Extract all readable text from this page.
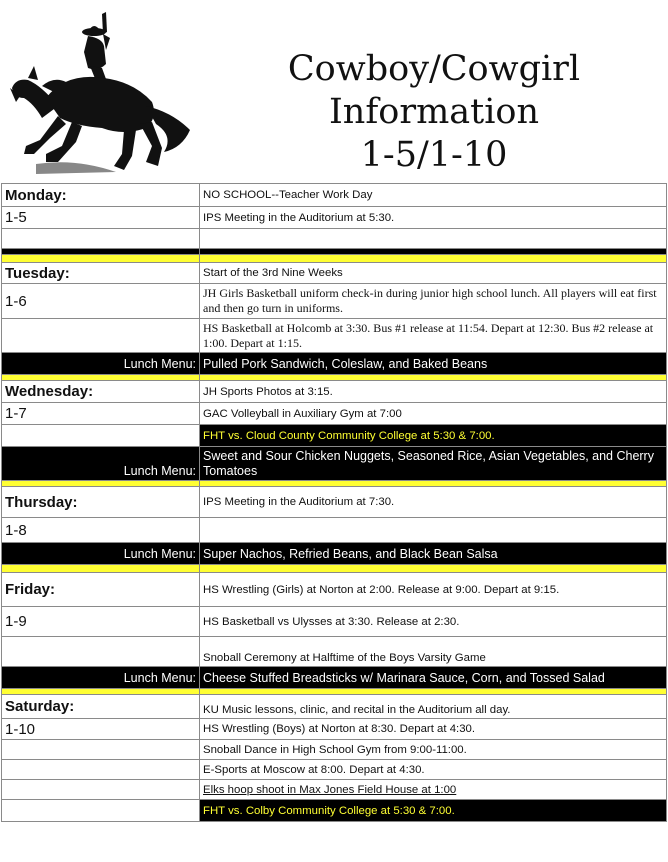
Cowboy/Cowgirl
Information
1-5/1-10
Monday:	NO SCHOOL--Teacher Work Day
1-5	IPS Meeting in the Auditorium at 5:30.

Tuesday:	Start of the 3rd Nine Weeks
1-6	JH Girls Basketball uniform check-in during junior high school lunch. All players will eat first and then go turn in uniforms.
	HS Basketball at Holcomb at 3:30. Bus #1 release at 11:54. Depart at 12:30. Bus #2 release at 1:00. Depart at 1:15.
Lunch Menu:	Pulled Pork Sandwich, Coleslaw, and Baked Beans

Wednesday:	JH Sports Photos at 3:15.
1-7	GAC Volleyball in Auxiliary Gym at 7:00
	FHT vs. Cloud County Community College at 5:30 & 7:00.
Lunch Menu:	Sweet and Sour Chicken Nuggets, Seasoned Rice, Asian Vegetables, and Cherry Tomatoes

Thursday:	IPS Meeting in the Auditorium at 7:30.
1-8	
Lunch Menu:	Super Nachos, Refried Beans, and Black Bean Salsa

Friday:	HS Wrestling (Girls) at Norton at 2:00. Release at 9:00. Depart at 9:15.
1-9	HS Basketball vs Ulysses at 3:30. Release at 2:30.
	Snoball Ceremony at Halftime of the Boys Varsity Game
Lunch Menu:	Cheese Stuffed Breadsticks w/ Marinara Sauce, Corn, and Tossed Salad

Saturday:	KU Music lessons, clinic, and recital in the Auditorium all day.
1-10	HS Wrestling (Boys) at Norton at 8:30. Depart at 4:30.
	Snoball Dance in High School Gym from 9:00-11:00.
	E-Sports at Moscow at 8:00. Depart at 4:30.
	Elks hoop shoot in Max Jones Field House at 1:00
	FHT vs. Colby Community College at 5:30 & 7:00.
